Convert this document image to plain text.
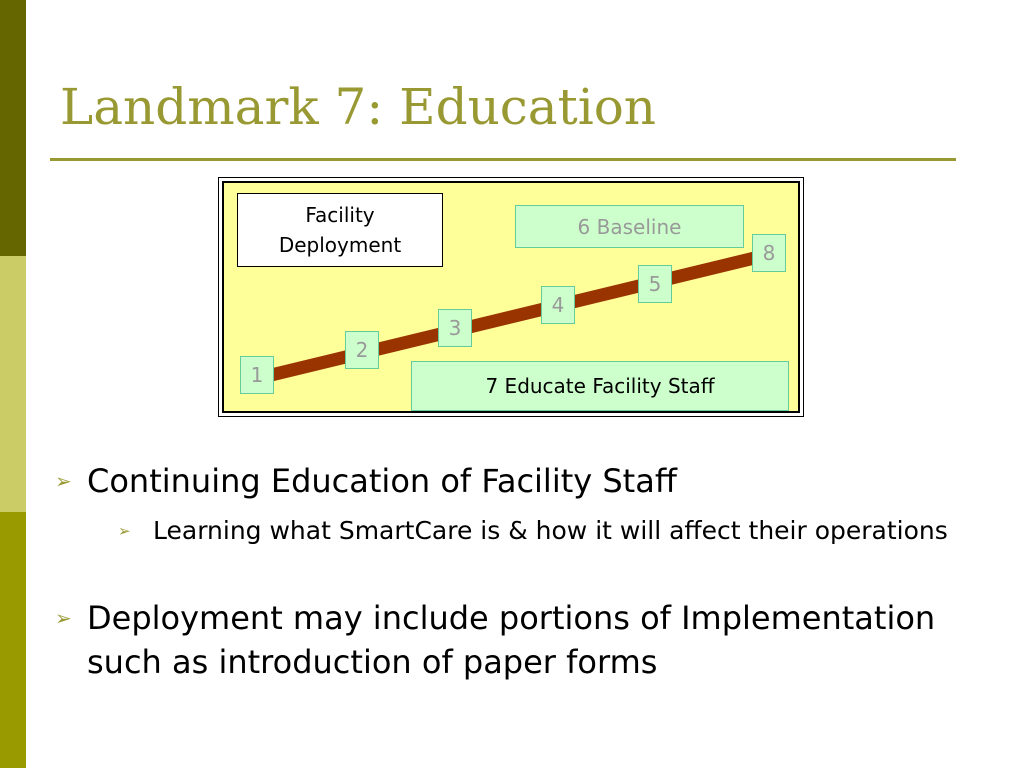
Landmark 7: Education
Facility Deployment
6 Baseline
7 Educate Facility Staff
1
2
3
4
5
8
➢ Continuing Education of Facility Staff
➢ Learning what SmartCare is & how it will affect their operations
➢ Deployment may include portions of Implementation such as introduction of paper forms
